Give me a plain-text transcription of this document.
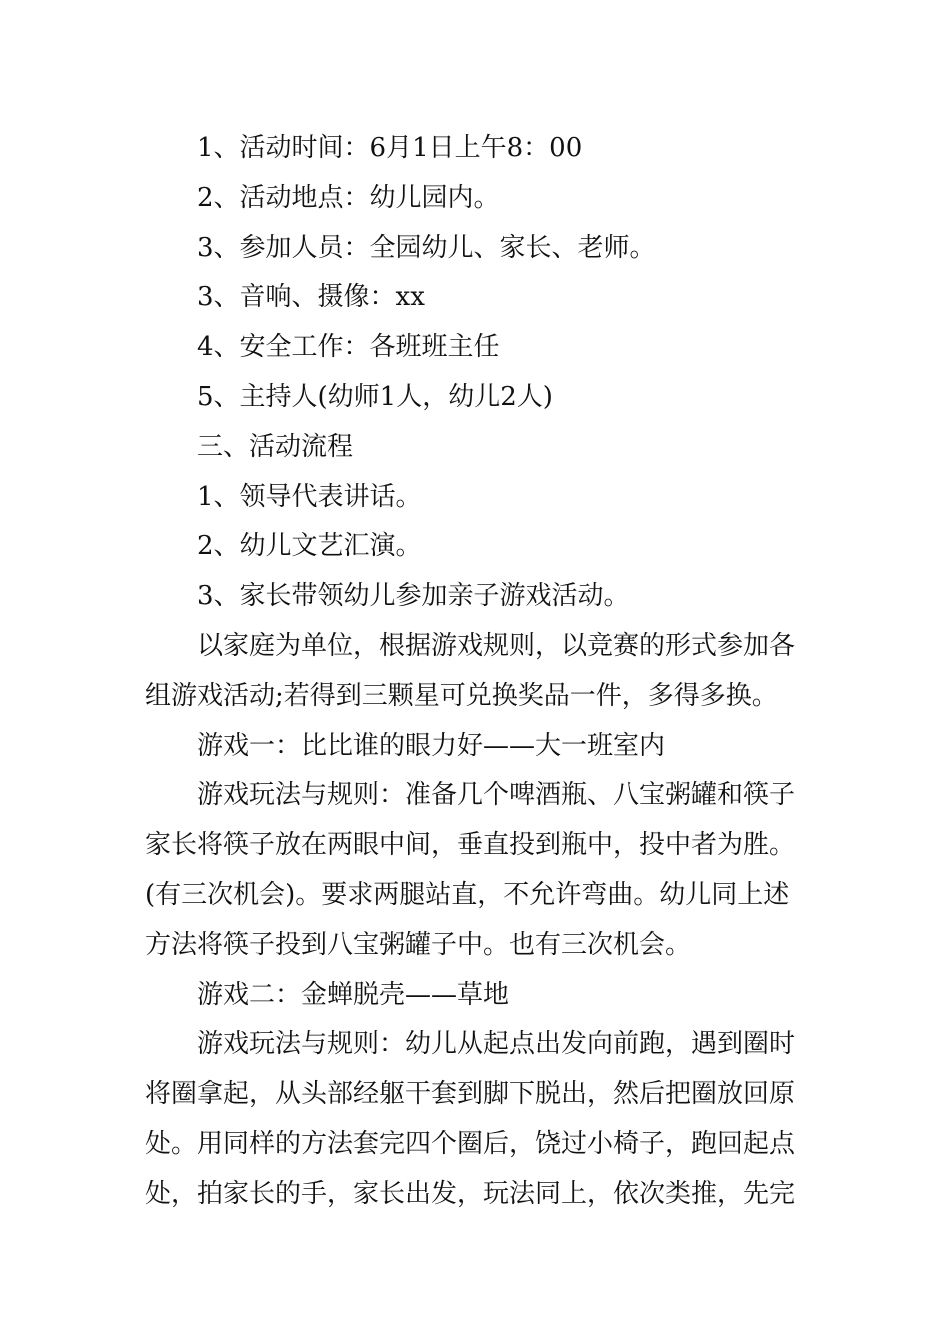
1、活动时间：6月1日上午8：00

2、活动地点：幼儿园内。

3、参加人员：全园幼儿、家长、老师。

3、音响、摄像：xx

4、安全工作：各班班主任

5、主持人(幼师1人，幼儿2人)

三、活动流程

1、领导代表讲话。

2、幼儿文艺汇演。

3、家长带领幼儿参加亲子游戏活动。

以家庭为单位，根据游戏规则，以竞赛的形式参加各

组游戏活动;若得到三颗星可兑换奖品一件，多得多换。

游戏一：比比谁的眼力好——大一班室内

游戏玩法与规则：准备几个啤酒瓶、八宝粥罐和筷子

家长将筷子放在两眼中间，垂直投到瓶中，投中者为胜。

(有三次机会)。要求两腿站直，不允许弯曲。幼儿同上述

方法将筷子投到八宝粥罐子中。也有三次机会。

游戏二：金蝉脱壳——草地

游戏玩法与规则：幼儿从起点出发向前跑，遇到圈时

将圈拿起，从头部经躯干套到脚下脱出，然后把圈放回原

处。用同样的方法套完四个圈后，饶过小椅子，跑回起点

处，拍家长的手，家长出发，玩法同上，依次类推，先完
